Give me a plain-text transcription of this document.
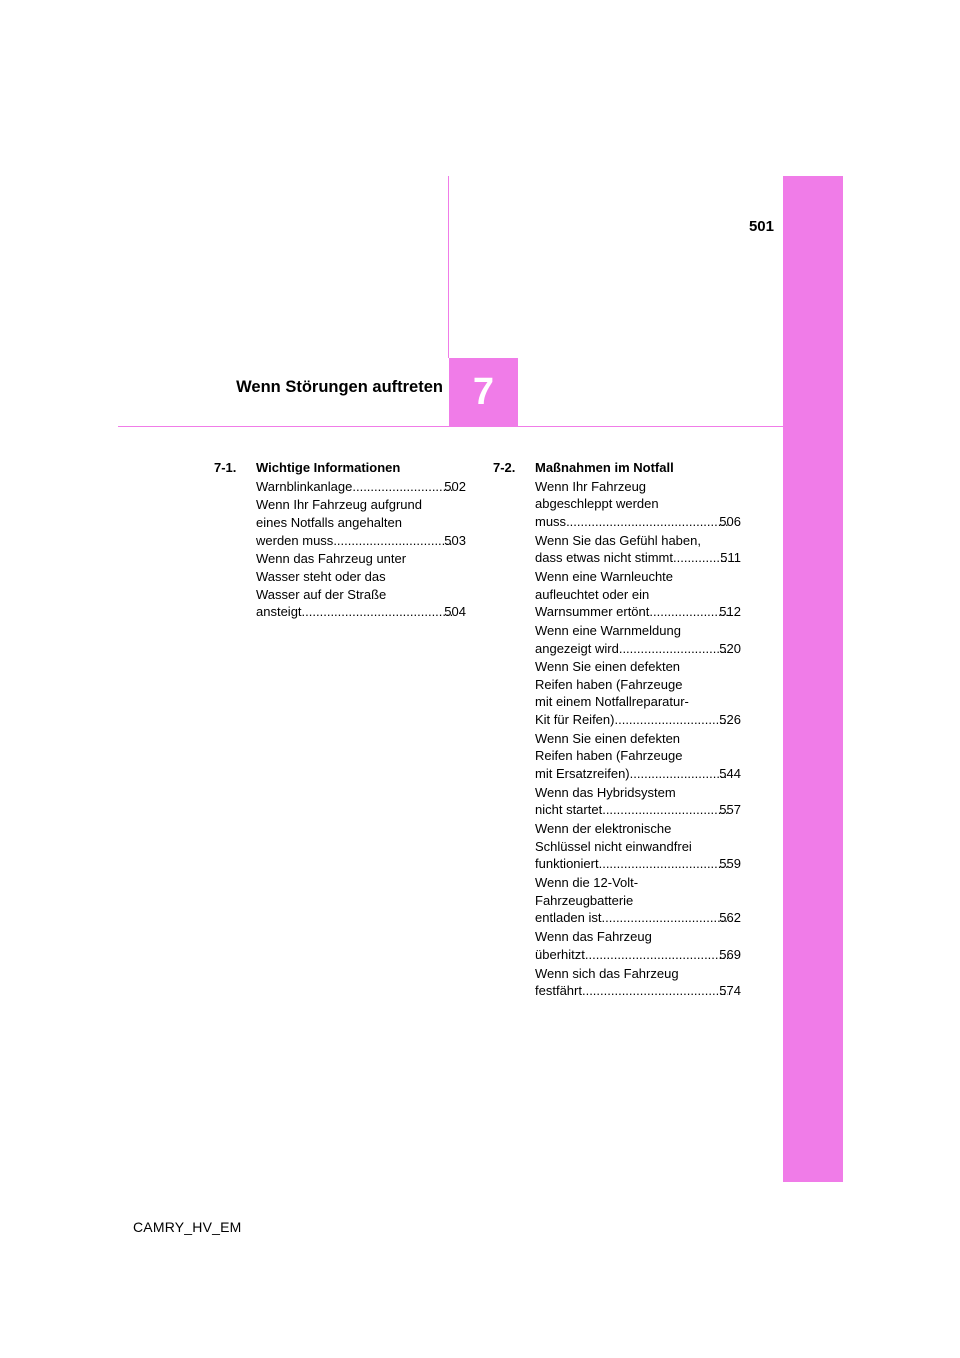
7
501
Wenn Störungen auftreten
7-1.	Wichtige Informationen
Warnblinkanlage .....	502
Wenn Ihr Fahrzeug aufgrund
eines Notfalls angehalten
werden muss .....	503
Wenn das Fahrzeug unter
Wasser steht oder das
Wasser auf der Straße
ansteigt .....	504
7-2.	Maßnahmen im Notfall
Wenn Ihr Fahrzeug
abgeschleppt werden
muss .....	506
Wenn Sie das Gefühl haben,
dass etwas nicht stimmt .....	511
Wenn eine Warnleuchte
aufleuchtet oder ein
Warnsummer ertönt .....	512
Wenn eine Warnmeldung
angezeigt wird .....	520
Wenn Sie einen defekten
Reifen haben (Fahrzeuge
mit einem Notfallreparatur-
Kit für Reifen) .....	526
Wenn Sie einen defekten
Reifen haben (Fahrzeuge
mit Ersatzreifen) .....	544
Wenn das Hybridsystem
nicht startet .....	557
Wenn der elektronische
Schlüssel nicht einwandfrei
funktioniert .....	559
Wenn die 12-Volt-
Fahrzeugbatterie
entladen ist .....	562
Wenn das Fahrzeug
überhitzt .....	569
Wenn sich das Fahrzeug
festfährt .....	574
CAMRY_HV_EM
